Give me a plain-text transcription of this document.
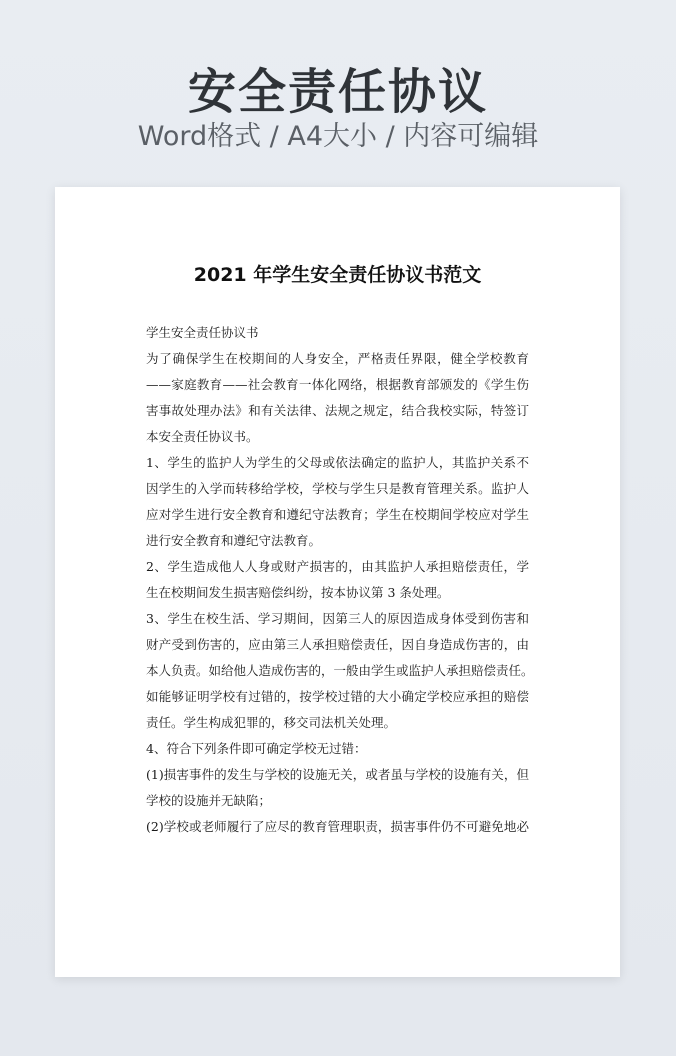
安全责任协议
Word格式 / A4大小 / 内容可编辑
2021 年学生安全责任协议书范文
学生安全责任协议书
为了确保学生在校期间的人身安全，严格责任界限，健全学校教育
——家庭教育——社会教育一体化网络，根据教育部颁发的《学生伤
害事故处理办法》和有关法律、法规之规定，结合我校实际，特签订
本安全责任协议书。
1、学生的监护人为学生的父母或依法确定的监护人，其监护关系不
因学生的入学而转移给学校，学校与学生只是教育管理关系。监护人
应对学生进行安全教育和遵纪守法教育；学生在校期间学校应对学生
进行安全教育和遵纪守法教育。
2、学生造成他人人身或财产损害的，由其监护人承担赔偿责任，学
生在校期间发生损害赔偿纠纷，按本协议第 3 条处理。
3、学生在校生活、学习期间，因第三人的原因造成身体受到伤害和
财产受到伤害的，应由第三人承担赔偿责任，因自身造成伤害的，由
本人负责。如给他人造成伤害的，一般由学生或监护人承担赔偿责任。
如能够证明学校有过错的，按学校过错的大小确定学校应承担的赔偿
责任。学生构成犯罪的，移交司法机关处理。
4、符合下列条件即可确定学校无过错：
(1)损害事件的发生与学校的设施无关，或者虽与学校的设施有关，但
学校的设施并无缺陷；
(2)学校或老师履行了应尽的教育管理职责，损害事件仍不可避免地必
